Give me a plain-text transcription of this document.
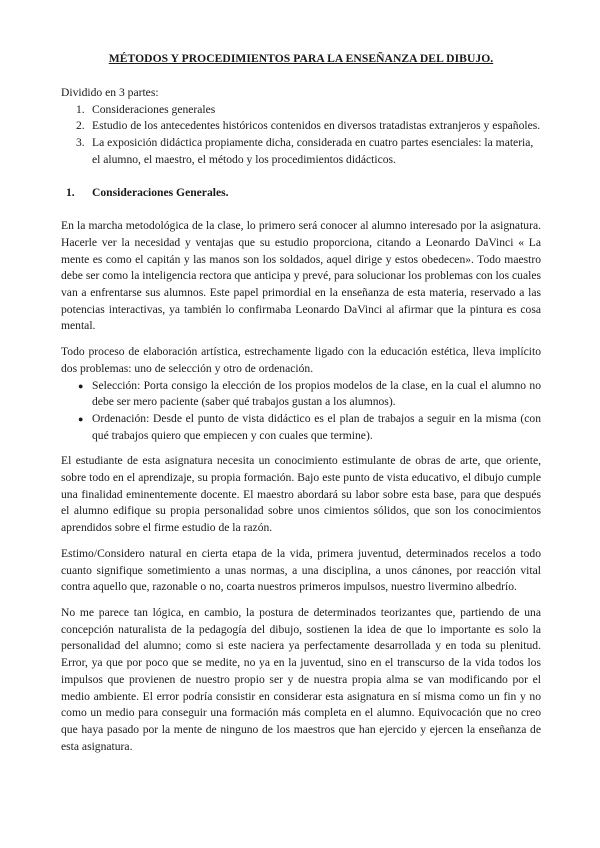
MÉTODOS Y PROCEDIMIENTOS PARA LA ENSEÑANZA DEL DIBUJO.

Dividido en 3 partes:

1. Consideraciones generales
2. Estudio de los antecedentes históricos contenidos en diversos tratadistas extranjeros y españoles.
3. La exposición didáctica propiamente dicha, considerada en cuatro partes esenciales: la materia, el alumno, el maestro, el método y los procedimientos didácticos.
1. Consideraciones Generales.

En la marcha metodológica de la clase, lo primero será conocer al alumno interesado por la asignatura. Hacerle ver la necesidad y ventajas que su estudio proporciona, citando a Leonardo DaVinci « La mente es como el capitán y las manos son los soldados, aquel dirige y estos obedecen». Todo maestro debe ser como la inteligencia rectora que anticipa y prevé, para solucionar los problemas con los cuales van a enfrentarse sus alumnos. Este papel primordial en la enseñanza de esta materia, reservado a las potencias interactivas, ya también lo confirmaba Leonardo DaVinci al afirmar que la pintura es cosa mental.

Todo proceso de elaboración artística, estrechamente ligado con la educación estética, lleva implícito dos problemas: uno de selección y otro de ordenación.

● Selección: Porta consigo la elección de los propios modelos de la clase, en la cual el alumno no debe ser mero paciente (saber qué trabajos gustan a los alumnos).
● Ordenación: Desde el punto de vista didáctico es el plan de trabajos a seguir en la misma (con qué trabajos quiero que empiecen y con cuales que termine).

El estudiante de esta asignatura necesita un conocimiento estimulante de obras de arte, que oriente, sobre todo en el aprendizaje, su propia formación. Bajo este punto de vista educativo, el dibujo cumple una finalidad eminentemente docente. El maestro abordará su labor sobre esta base, para que después el alumno edifique su propia personalidad sobre unos cimientos sólidos, que son los conocimientos aprendidos sobre el firme estudio de la razón.

Estimo/Considero natural en cierta etapa de la vida, primera juventud, determinados recelos a todo cuanto signifique sometimiento a unas normas, a una disciplina, a unos cánones, por reacción vital contra aquello que, razonable o no, coarta nuestros primeros impulsos, nuestro livermino albedrío.

No me parece tan lógica, en cambio, la postura de determinados teorizantes que, partiendo de una concepción naturalista de la pedagogía del dibujo, sostienen la idea de que lo importante es solo la personalidad del alumno; como si este naciera ya perfectamente desarrollada y en toda su plenitud. Error, ya que por poco que se medite, no ya en la juventud, sino en el transcurso de la vida todos los impulsos que provienen de nuestro propio ser y de nuestra propia alma se van modificando por el medio ambiente. El error podría consistir en considerar esta asignatura en sí misma como un fin y no como un medio para conseguir una formación más completa en el alumno. Equivocación que no creo que haya pasado por la mente de ninguno de los maestros que han ejercido y ejercen la enseñanza de esta asignatura.
